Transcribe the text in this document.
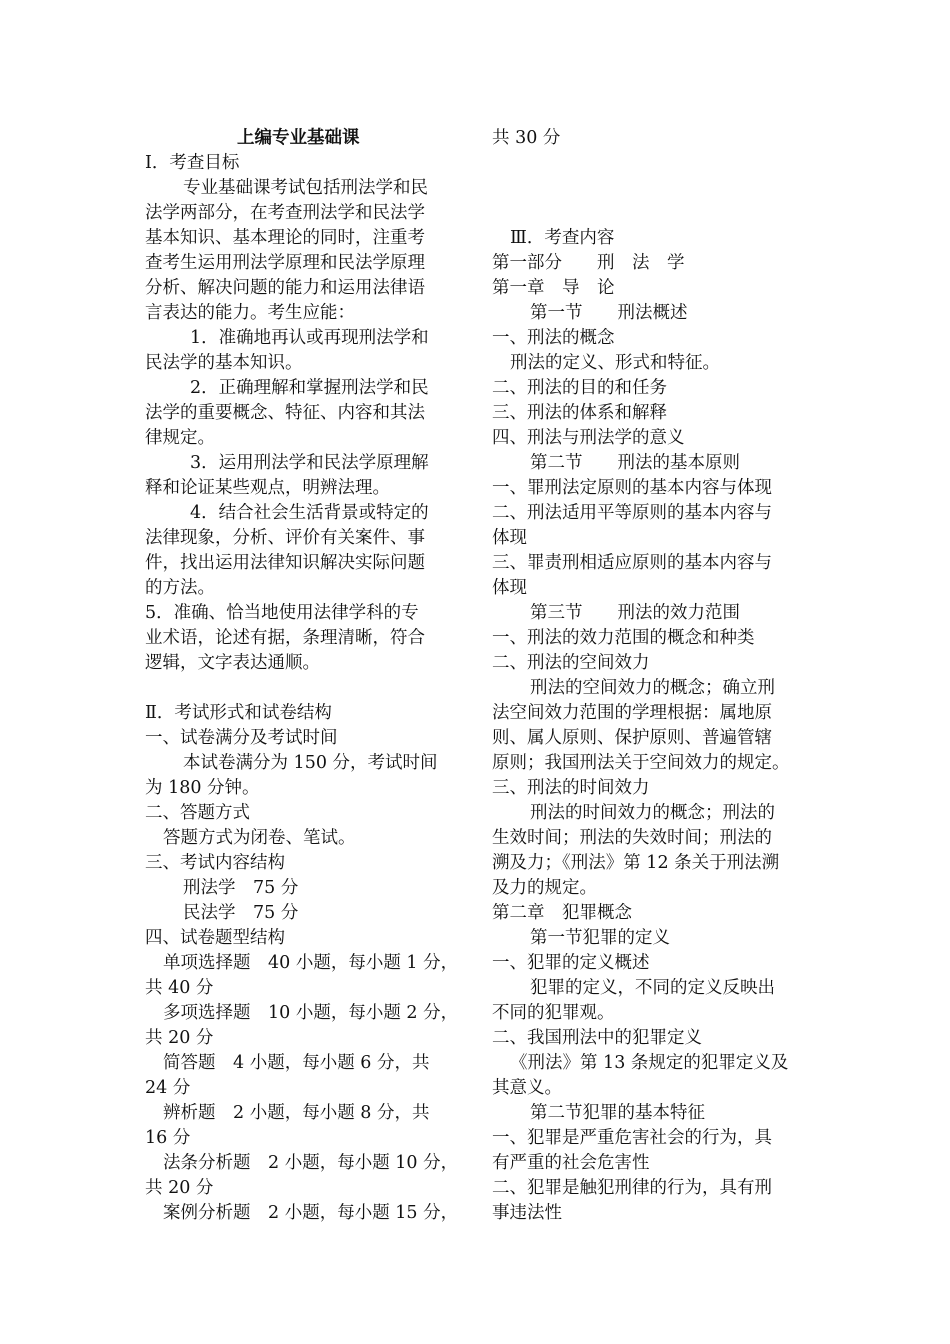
上编专业基础课
I．考查目标
专业基础课考试包括刑法学和民
法学两部分，在考查刑法学和民法学
基本知识、基本理论的同时，注重考
查考生运用刑法学原理和民法学原理
分析、解决问题的能力和运用法律语
言表达的能力。考生应能：
1．准确地再认或再现刑法学和
民法学的基本知识。
2．正确理解和掌握刑法学和民
法学的重要概念、特征、内容和其法
律规定。
3．运用刑法学和民法学原理解
释和论证某些观点，明辨法理。
4．结合社会生活背景或特定的
法律现象，分析、评价有关案件、事
件，找出运用法律知识解决实际问题
的方法。
5．准确、恰当地使用法律学科的专
业术语，论述有据，条理清晰，符合
逻辑，文字表达通顺。
Ⅱ．考试形式和试卷结构
一、试卷满分及考试时间
本试卷满分为 150 分，考试时间
为 180 分钟。
二、答题方式
答题方式为闭卷、笔试。
三、考试内容结构
刑法学　75 分
民法学　75 分
四、试卷题型结构
单项选择题　40 小题，每小题 1 分，
共 40 分
多项选择题　10 小题，每小题 2 分，
共 20 分
简答题　4 小题，每小题 6 分，共
24 分
辨析题　2 小题，每小题 8 分，共
16 分
法条分析题　2 小题，每小题 10 分，
共 20 分
案例分析题　2 小题，每小题 15 分，
共 30 分
Ⅲ．考查内容
第一部分　　刑　法　学
第一章　导　论
第一节　　刑法概述
一、刑法的概念
刑法的定义、形式和特征。
二、刑法的目的和任务
三、刑法的体系和解释
四、刑法与刑法学的意义
第二节　　刑法的基本原则
一、罪刑法定原则的基本内容与体现
二、刑法适用平等原则的基本内容与
体现
三、罪责刑相适应原则的基本内容与
体现
第三节　　刑法的效力范围
一、刑法的效力范围的概念和种类
二、刑法的空间效力
刑法的空间效力的概念；确立刑
法空间效力范围的学理根据：属地原
则、属人原则、保护原则、普遍管辖
原则；我国刑法关于空间效力的规定。
三、刑法的时间效力
刑法的时间效力的概念；刑法的
生效时间；刑法的失效时间；刑法的
溯及力；《刑法》第 12 条关于刑法溯
及力的规定。
第二章　犯罪概念
第一节犯罪的定义
一、犯罪的定义概述
犯罪的定义，不同的定义反映出
不同的犯罪观。
二、我国刑法中的犯罪定义
《刑法》第 13 条规定的犯罪定义及
其意义。
第二节犯罪的基本特征
一、犯罪是严重危害社会的行为，具
有严重的社会危害性
二、犯罪是触犯刑律的行为，具有刑
事违法性
